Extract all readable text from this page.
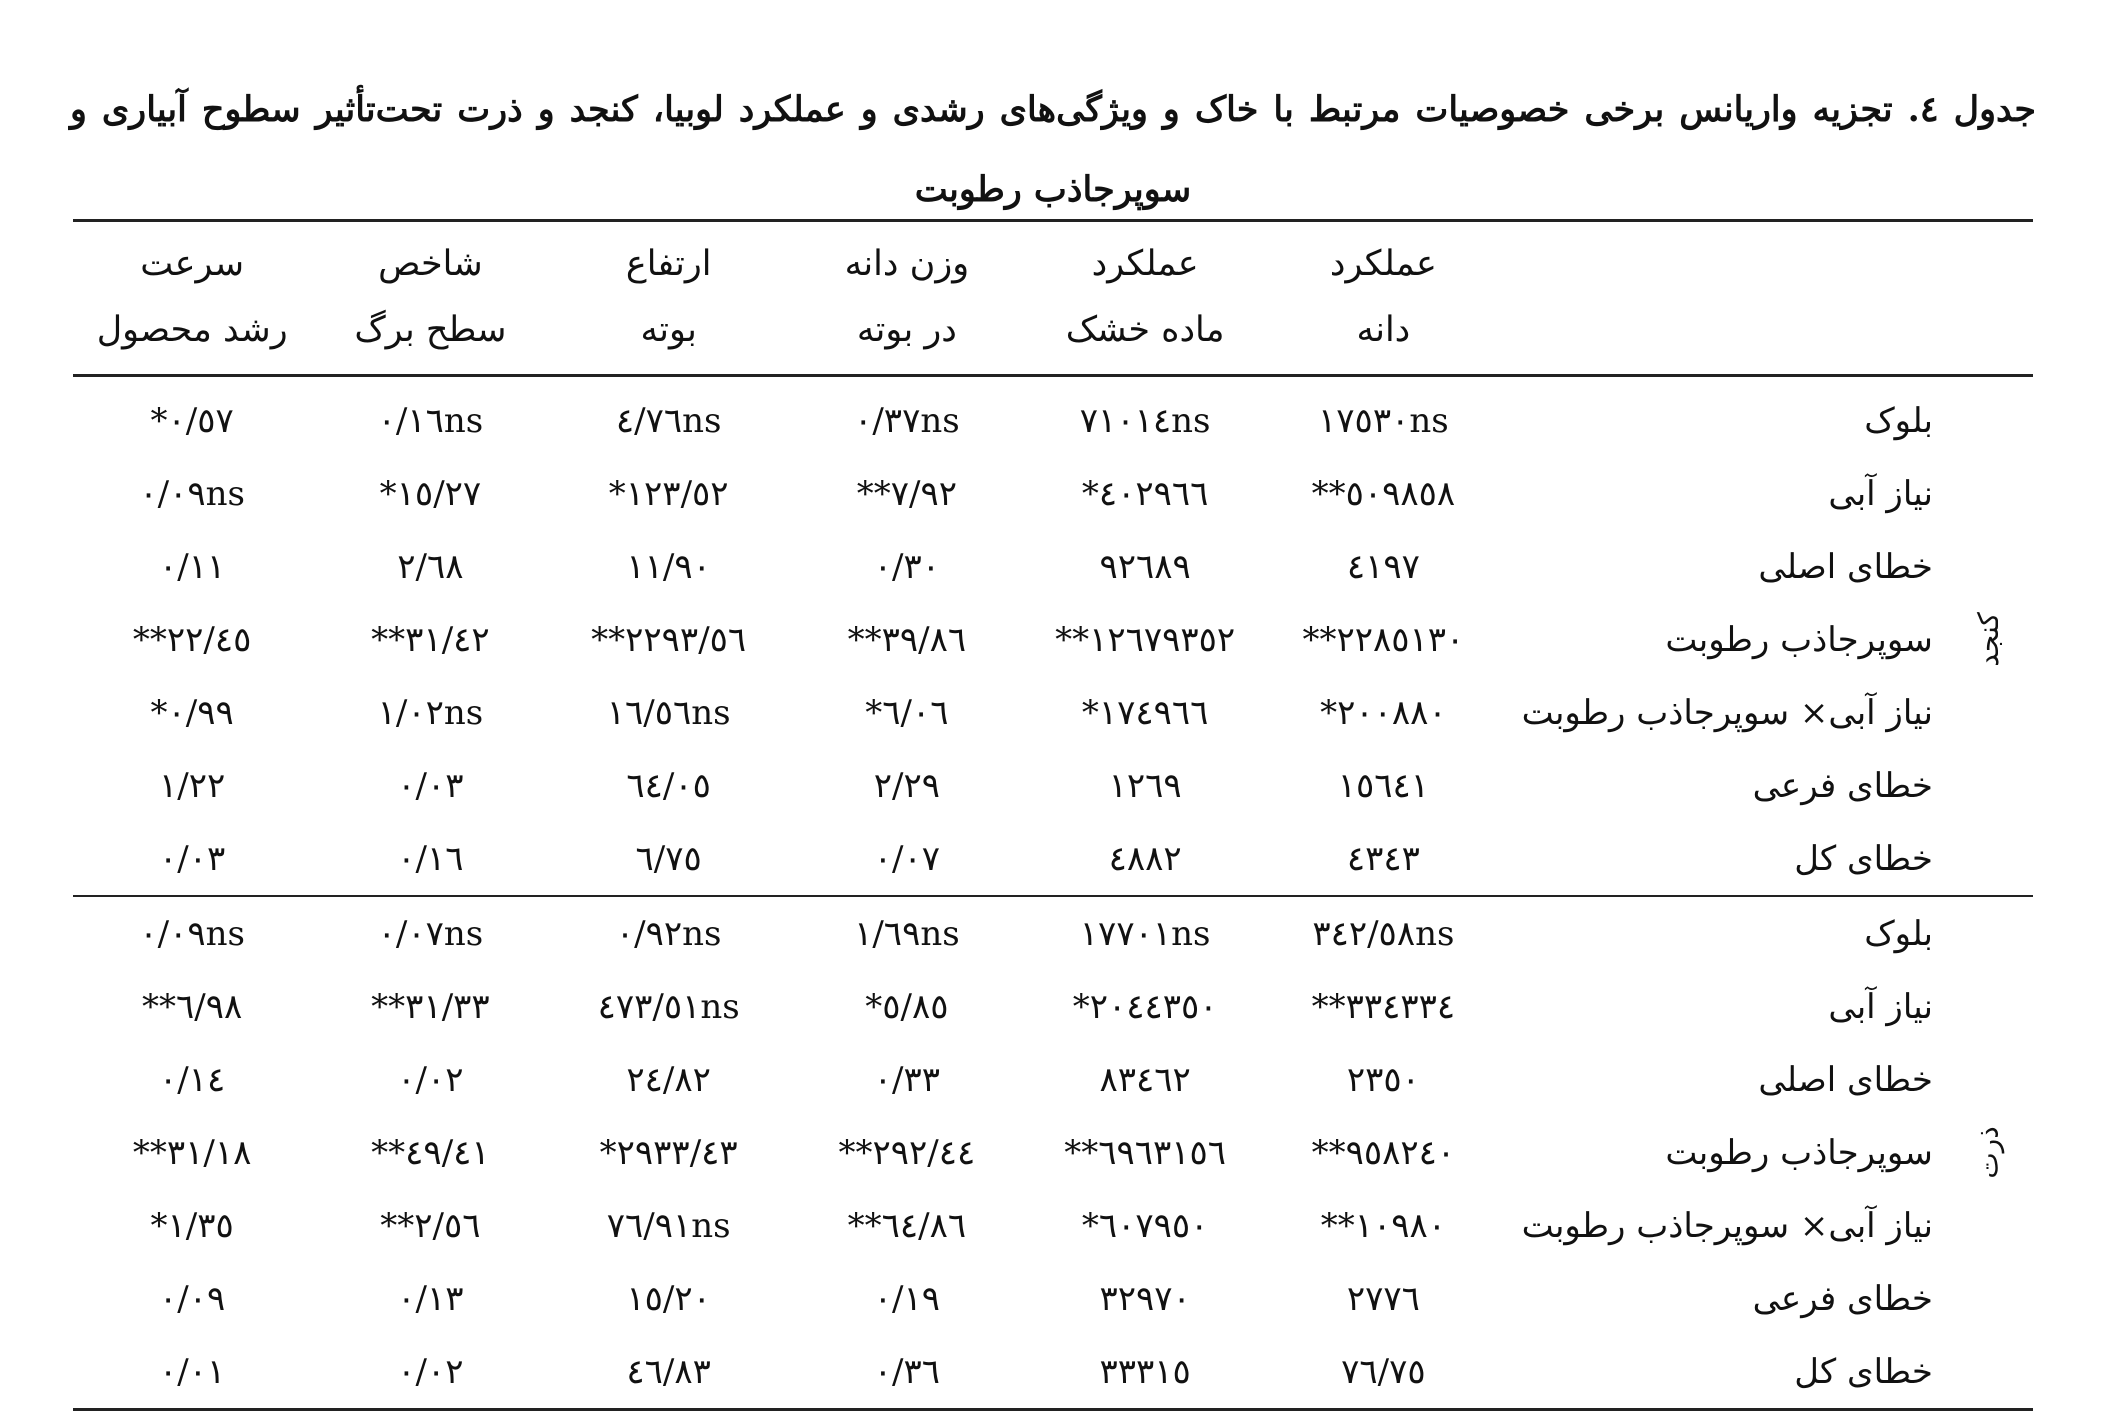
جدول ٤. تجزیه واریانس برخی خصوصیات مرتبط با خاک و ویژگی‌های رشدی و عملکرد لوبیا، کنجد و ذرت تحت‌تأثیر سطوح آبیاری و
سوپرجاذب رطوبت
		عملکرد	عملکرد	وزن دانه	ارتفاع	شاخص	سرعت
		دانه	ماده خشک	در بوته	بوته	سطح برگ	رشد محصول
	بلوک	١٧٥٣٠ns	٧١٠١٤ns	٠/٣٧ns	٤/٧٦ns	٠/١٦ns	٠/٥٧*
	نیاز آبی	٥٠٩٨٥٨**	٤٠٢٩٦٦*	٧/٩٢**	١٢٣/٥٢*	١٥/٢٧*	٠/٠٩ns
	خطای اصلی	٤١٩٧	٩٢٦٨٩	٠/٣٠	١١/٩٠	٢/٦٨	٠/١١
کنجد	سوپرجاذب رطوبت	٢٢٨٥١٣٠**	١٢٦٧٩٣٥٢**	٣٩/٨٦**	٢٢٩٣/٥٦**	٣١/٤٢**	٢٢/٤٥**
	نیاز آبی× سوپرجاذب رطوبت	٢٠٠٨٨٠*	١٧٤٩٦٦*	٦/٠٦*	١٦/٥٦ns	١/٠٢ns	٠/٩٩*
	خطای فرعی	١٥٦٤١	١٢٦٩	٢/٢٩	٦٤/٠٥	٠/٠٣	١/٢٢
	خطای کل	٤٣٤٣	٤٨٨٢	٠/٠٧	٦/٧٥	٠/١٦	٠/٠٣
	بلوک	٣٤٢/٥٨ns	١٧٧٠١ns	١/٦٩ns	٠/٩٢ns	٠/٠٧ns	٠/٠٩ns
	نیاز آبی	٣٣٤٣٣٤**	٢٠٤٤٣٥٠*	٥/٨٥*	٤٧٣/٥١ns	٣١/٣٣**	٦/٩٨**
	خطای اصلی	٢٣٥٠	٨٣٤٦٢	٠/٣٣	٢٤/٨٢	٠/٠٢	٠/١٤
ذرت	سوپرجاذب رطوبت	٩٥٨٢٤٠**	٦٩٦٣١٥٦**	٢٩٢/٤٤**	٢٩٣٣/٤٣*	٤٩/٤١**	٣١/١٨**
	نیاز آبی× سوپرجاذب رطوبت	١٠٩٨٠**	٦٠٧٩٥٠*	٦٤/٨٦**	٧٦/٩١ns	٢/٥٦**	١/٣٥*
	خطای فرعی	٢٧٧٦	٣٢٩٧٠	٠/١٩	١٥/٢٠	٠/١٣	٠/٠٩
	خطای کل	٧٦/٧٥	٣٣٣١٥	٠/٣٦	٤٦/٨٣	٠/٠٢	٠/٠١
